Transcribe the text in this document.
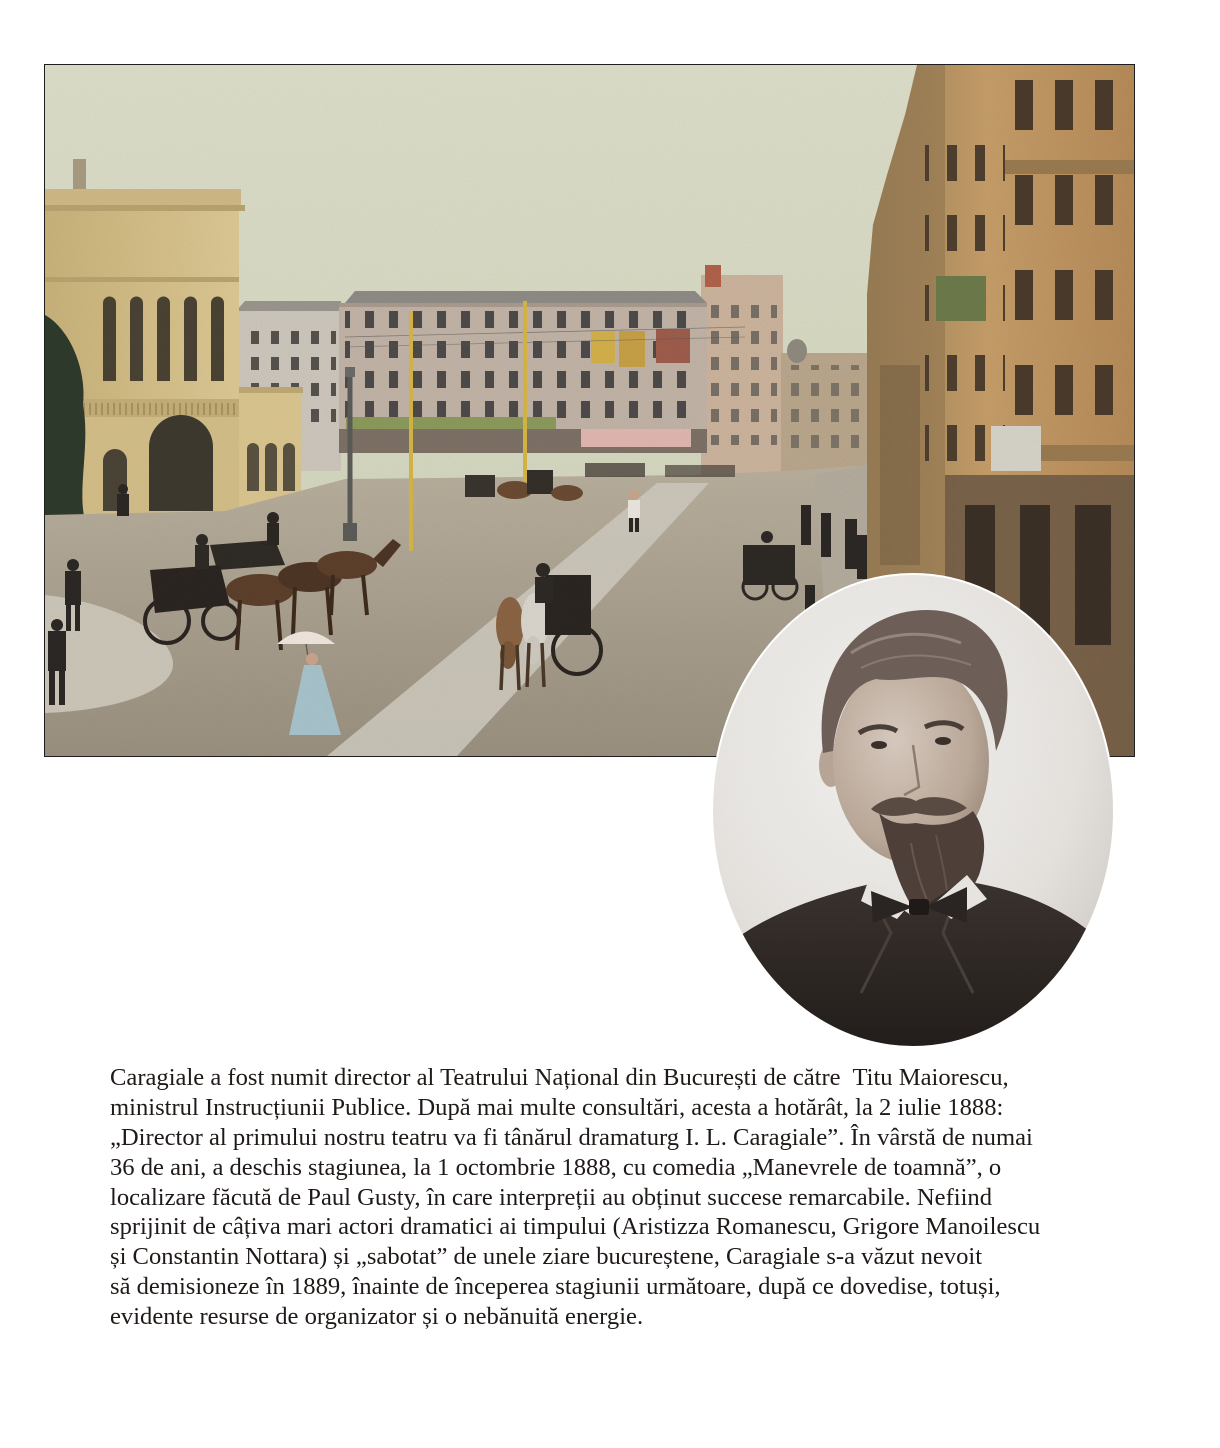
Caragiale a fost numit director al Teatrului Național din București de către  Titu Maiorescu,
ministrul Instrucțiunii Publice. După mai multe consultări, acesta a hotărât, la 2 iulie 1888:
„Director al primului nostru teatru va fi tânărul dramaturg I. L. Caragiale”. În vârstă de numai
36 de ani, a deschis stagiunea, la 1 octombrie 1888, cu comedia „Manevrele de toamnă”, o
localizare făcută de Paul Gusty, în care interpreții au obținut succese remarcabile. Nefiind
sprijinit de câțiva mari actori dramatici ai timpului (Aristizza Romanescu, Grigore Manoilescu
și Constantin Nottara) și „sabotat” de unele ziare bucureștene, Caragiale s-a văzut nevoit
să demisioneze în 1889, înainte de începerea stagiunii următoare, după ce dovedise, totuși,
evidente resurse de organizator și o nebănuită energie.
